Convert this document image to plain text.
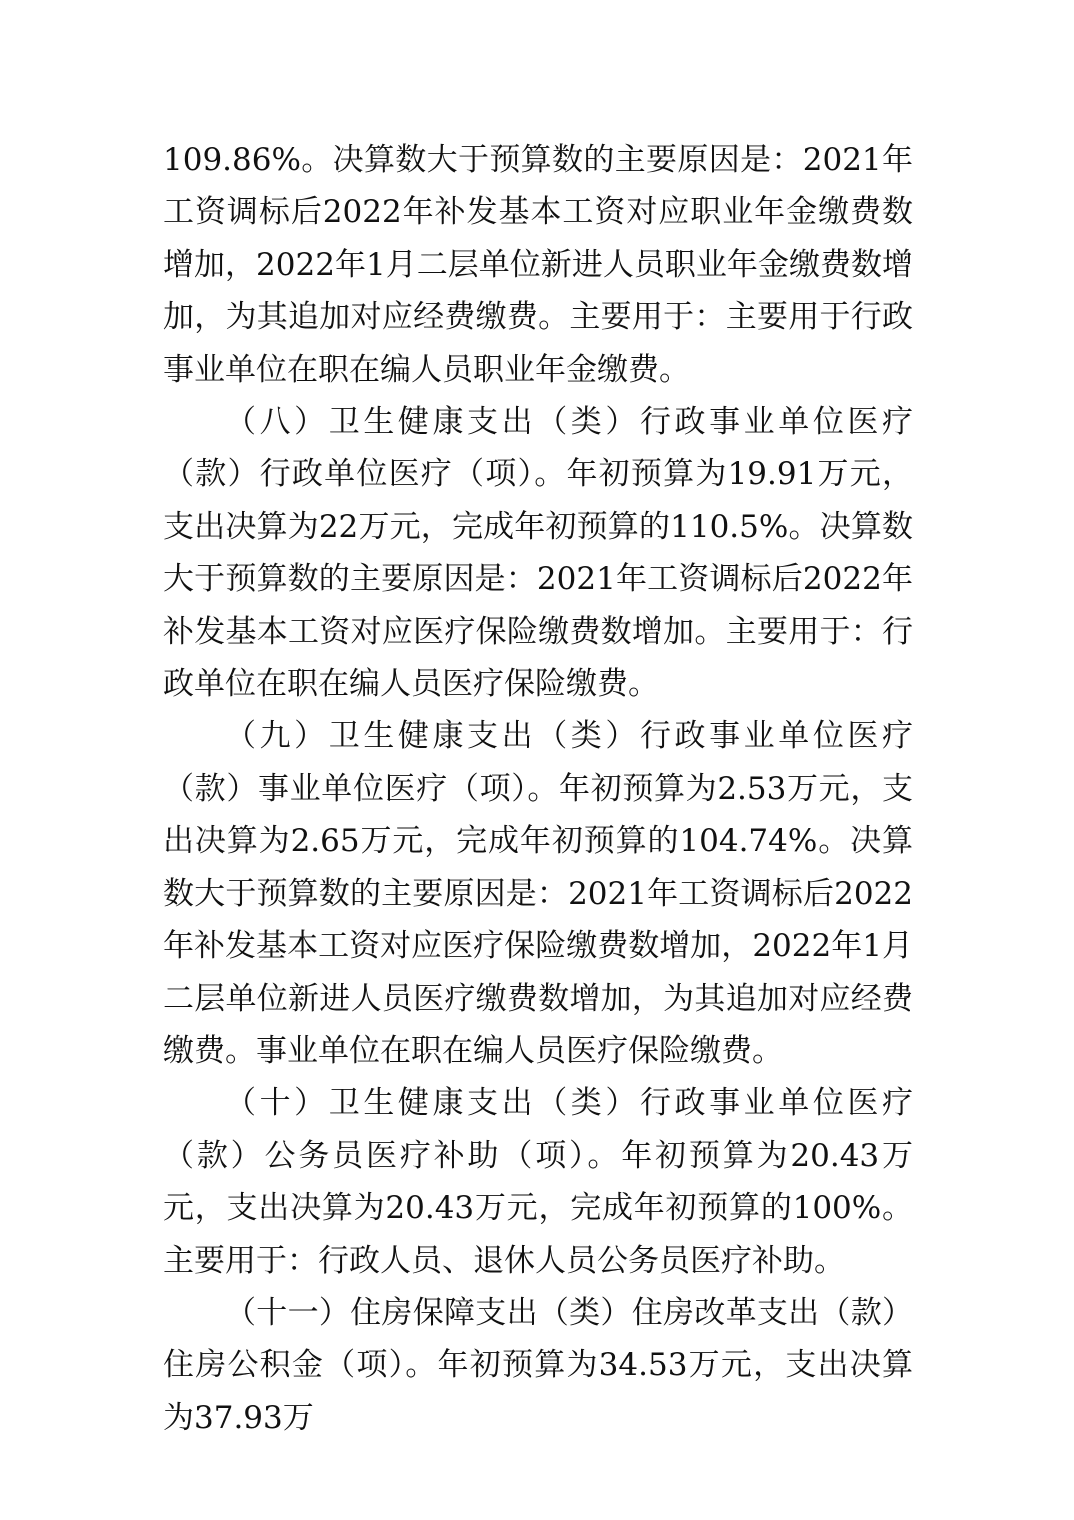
109.86%。决算数大于预算数的主要原因是：2021年工资调标后2022年补发基本工资对应职业年金缴费数增加，2022年1月二层单位新进人员职业年金缴费数增加，为其追加对应经费缴费。主要用于：主要用于行政事业单位在职在编人员职业年金缴费。

（八）卫生健康支出（类）行政事业单位医疗（款）行政单位医疗（项）。年初预算为19.91万元，支出决算为22万元，完成年初预算的110.5%。决算数大于预算数的主要原因是：2021年工资调标后2022年补发基本工资对应医疗保险缴费数增加。主要用于：行政单位在职在编人员医疗保险缴费。

（九）卫生健康支出（类）行政事业单位医疗（款）事业单位医疗（项）。年初预算为2.53万元，支出决算为2.65万元，完成年初预算的104.74%。决算数大于预算数的主要原因是：2021年工资调标后2022年补发基本工资对应医疗保险缴费数增加，2022年1月二层单位新进人员医疗缴费数增加，为其追加对应经费缴费。事业单位在职在编人员医疗保险缴费。

（十）卫生健康支出（类）行政事业单位医疗（款）公务员医疗补助（项）。年初预算为20.43万元，支出决算为20.43万元，完成年初预算的100%。主要用于：行政人员、退休人员公务员医疗补助。

（十一）住房保障支出（类）住房改革支出（款）住房公积金（项）。年初预算为34.53万元，支出决算为37.93万
